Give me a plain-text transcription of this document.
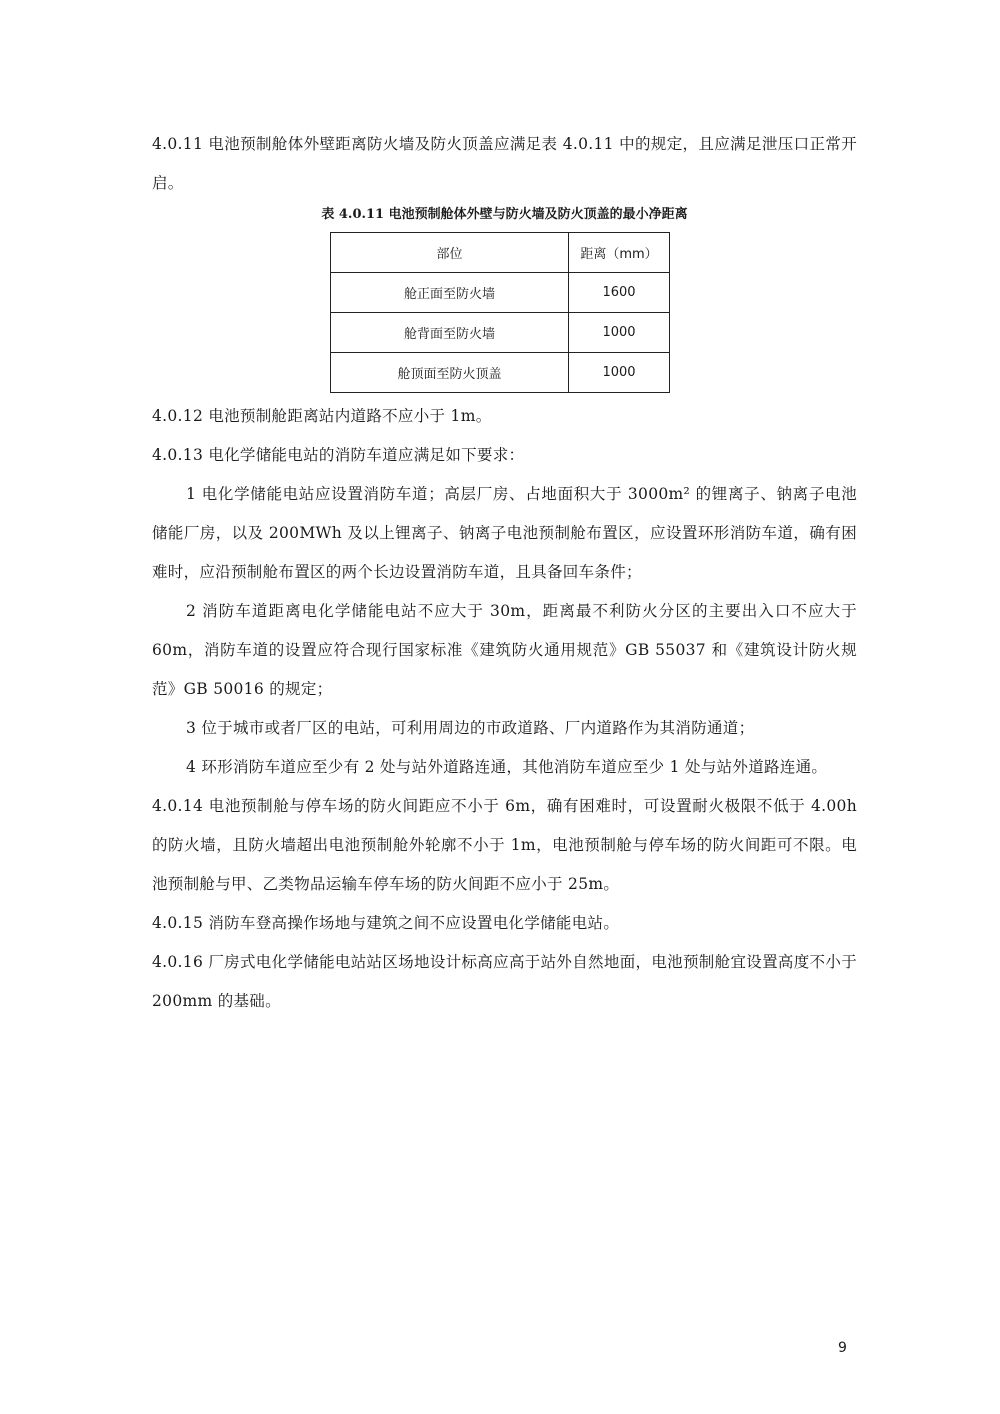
4.0.11 电池预制舱体外壁距离防火墙及防火顶盖应满足表 4.0.11 中的规定，且应满足泄压口正常开启。

表 4.0.11 电池预制舱体外壁与防火墙及防火顶盖的最小净距离
部位	距离（mm）
舱正面至防火墙	1600
舱背面至防火墙	1000
舱顶面至防火顶盖	1000

4.0.12 电池预制舱距离站内道路不应小于 1m。

4.0.13 电化学储能电站的消防车道应满足如下要求：

1 电化学储能电站应设置消防车道；高层厂房、占地面积大于 3000m² 的锂离子、钠离子电池储能厂房，以及 200MWh 及以上锂离子、钠离子电池预制舱布置区，应设置环形消防车道，确有困难时，应沿预制舱布置区的两个长边设置消防车道，且具备回车条件；

2 消防车道距离电化学储能电站不应大于 30m，距离最不利防火分区的主要出入口不应大于 60m，消防车道的设置应符合现行国家标准《建筑防火通用规范》GB 55037 和《建筑设计防火规范》GB 50016 的规定；

3 位于城市或者厂区的电站，可利用周边的市政道路、厂内道路作为其消防通道；

4 环形消防车道应至少有 2 处与站外道路连通，其他消防车道应至少 1 处与站外道路连通。

4.0.14 电池预制舱与停车场的防火间距应不小于 6m，确有困难时，可设置耐火极限不低于 4.00h 的防火墙，且防火墙超出电池预制舱外轮廓不小于 1m，电池预制舱与停车场的防火间距可不限。电池预制舱与甲、乙类物品运输车停车场的防火间距不应小于 25m。

4.0.15 消防车登高操作场地与建筑之间不应设置电化学储能电站。

4.0.16 厂房式电化学储能电站站区场地设计标高应高于站外自然地面，电池预制舱宜设置高度不小于 200mm 的基础。

9
